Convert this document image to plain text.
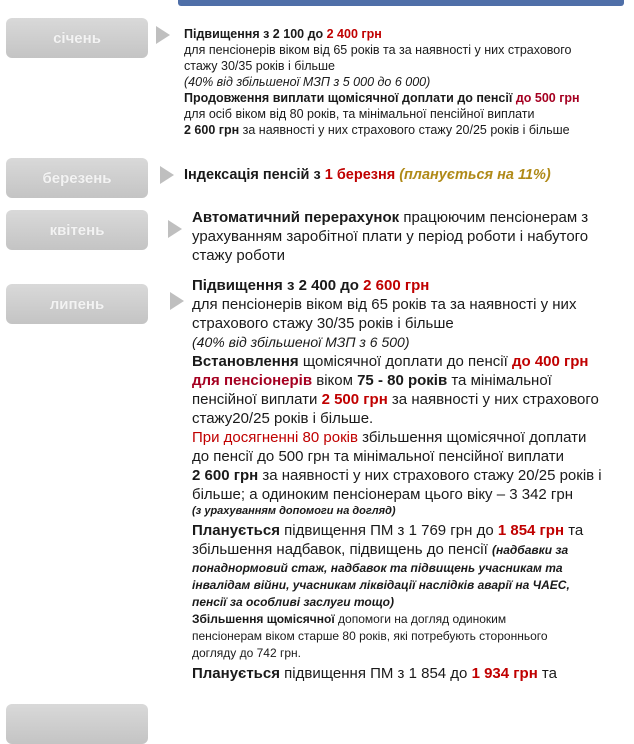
січень
березень
квітень
липень

Підвищення з 2 100 до 2 400 грн

для пенсіонерів віком від 65 років та за наявності у них страхового

стажу 30/35 років і більше

(40% від збільшеної МЗП з 5 000 до 6 000)

Продовження виплати щомісячної доплати до пенсії до 500 грн

для осіб віком від 80 років, та мінімальної пенсійної виплати

2 600 грн за наявності у них страхового стажу 20/25 років і більше

Індексація пенсій з 1 березня (планується на 11%)

Автоматичний перерахунок працюючим пенсіонерам з

урахуванням заробітної плати у період роботи і набутого

стажу роботи

Підвищення з 2 400 до 2 600 грн

для пенсіонерів віком від 65 років та за наявності у них

страхового стажу 30/35 років і більше

(40% від збільшеної МЗП з 6 500)

Встановлення щомісячної доплати до пенсії до 400 грн

для пенсіонерів віком 75 - 80 років та мінімальної

пенсійної виплати 2 500 грн за наявності у них страхового

стажу20/25 років і більше.

При досягненні 80 років збільшення щомісячної доплати

до пенсії до 500 грн та мінімальної пенсійної виплати

2 600 грн за наявності у них страхового стажу 20/25 років і

більше; а одиноким пенсіонерам цього віку – 3 342 грн

(з урахуванням допомоги на догляд)

Планується підвищення ПМ з 1 769 грн до 1 854 грн та

збільшення надбавок, підвищень до пенсії (надбавки за

понаднормовий стаж, надбавок та підвищень учасникам та

інвалідам війни, учасникам ліквідації наслідків аварії на ЧАЕС,

пенсії за особливі заслуги тощо)

Збільшення щомісячної допомоги на догляд одиноким

пенсіонерам віком старше 80 років, які потребують стороннього

догляду до 742 грн.

Планується підвищення ПМ з 1 854 до 1 934 грн та
